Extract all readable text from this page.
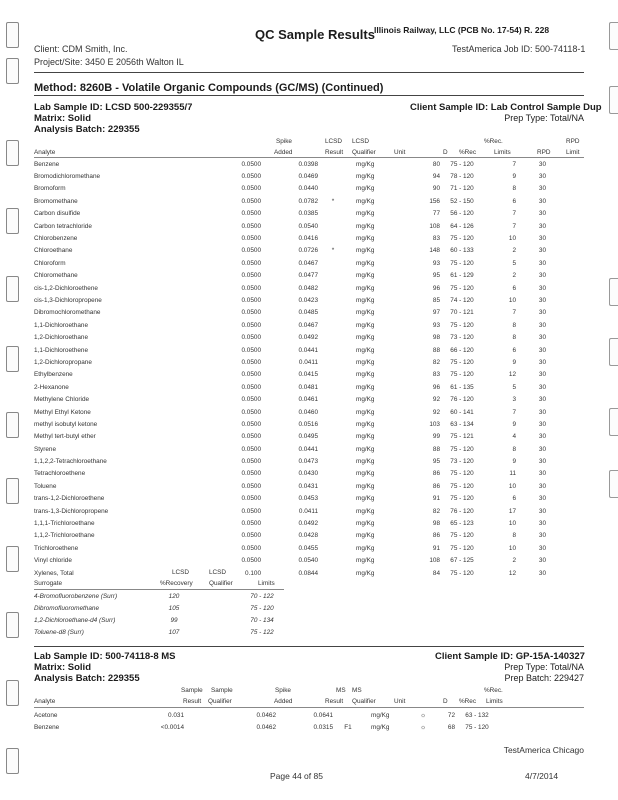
QC Sample Results Illinois Railway, LLC (PCB No. 17-54) R. 228
Client: CDM Smith, Inc.
Project/Site: 3450 E 2056th Walton IL
TestAmerica Job ID: 500-74118-1
Method: 8260B - Volatile Organic Compounds (GC/MS) (Continued)
Lab Sample ID: LCSD 500-229355/7
Matrix: Solid
Analysis Batch: 229355
Client Sample ID: Lab Control Sample Dup
Prep Type: Total/NA
Spike	LCSD LCSD	%Rec.	RPD
Analyte	Added	Result Qualifier	Unit	D %Rec	Limits	RPD Limit
Benzene	0.0500	0.0398		mg/Kg		80	75 - 120	7	30
Bromodichloromethane	0.0500	0.0469		mg/Kg		94	78 - 120	9	30
Bromoform	0.0500	0.0440		mg/Kg		90	71 - 120	8	30
Bromomethane	0.0500	0.0782	*	mg/Kg		156	52 - 150	6	30
Carbon disulfide	0.0500	0.0385		mg/Kg		77	56 - 120	7	30
Carbon tetrachloride	0.0500	0.0540		mg/Kg		108	64 - 126	7	30
Chlorobenzene	0.0500	0.0416		mg/Kg		83	75 - 120	10	30
Chloroethane	0.0500	0.0726	*	mg/Kg		148	60 - 133	2	30
Chloroform	0.0500	0.0467		mg/Kg		93	75 - 120	5	30
Chloromethane	0.0500	0.0477		mg/Kg		95	61 - 129	2	30
cis-1,2-Dichloroethene	0.0500	0.0482		mg/Kg		96	75 - 120	6	30
cis-1,3-Dichloropropene	0.0500	0.0423		mg/Kg		85	74 - 120	10	30
Dibromochloromethane	0.0500	0.0485		mg/Kg		97	70 - 121	7	30
1,1-Dichloroethane	0.0500	0.0467		mg/Kg		93	75 - 120	8	30
1,2-Dichloroethane	0.0500	0.0492		mg/Kg		98	73 - 120	8	30
1,1-Dichloroethene	0.0500	0.0441		mg/Kg		88	66 - 120	6	30
1,2-Dichloropropane	0.0500	0.0411		mg/Kg		82	75 - 120	9	30
Ethylbenzene	0.0500	0.0415		mg/Kg		83	75 - 120	12	30
2-Hexanone	0.0500	0.0481		mg/Kg		96	61 - 135	5	30
Methylene Chloride	0.0500	0.0461		mg/Kg		92	76 - 120	3	30
Methyl Ethyl Ketone	0.0500	0.0460		mg/Kg		92	60 - 141	7	30
methyl isobutyl ketone	0.0500	0.0516		mg/Kg		103	63 - 134	9	30
Methyl tert-butyl ether	0.0500	0.0495		mg/Kg		99	75 - 121	4	30
Styrene	0.0500	0.0441		mg/Kg		88	75 - 120	8	30
1,1,2,2-Tetrachloroethane	0.0500	0.0473		mg/Kg		95	73 - 120	9	30
Tetrachloroethene	0.0500	0.0430		mg/Kg		86	75 - 120	11	30
Toluene	0.0500	0.0431		mg/Kg		86	75 - 120	10	30
trans-1,2-Dichloroethene	0.0500	0.0453		mg/Kg		91	75 - 120	6	30
trans-1,3-Dichloropropene	0.0500	0.0411		mg/Kg		82	76 - 120	17	30
1,1,1-Trichloroethane	0.0500	0.0492		mg/Kg		98	65 - 123	10	30
1,1,2-Trichloroethane	0.0500	0.0428		mg/Kg		86	75 - 120	8	30
Trichloroethene	0.0500	0.0455		mg/Kg		91	75 - 120	10	30
Vinyl chloride	0.0500	0.0540		mg/Kg		108	67 - 125	2	30
Xylenes, Total	0.100	0.0844		mg/Kg		84	75 - 120	12	30
LCSD	LCSD
Surrogate	%Recovery	Qualifier	Limits
4-Bromofluorobenzene (Surr)	120		70 - 122
Dibromofluoromethane	105		75 - 120
1,2-Dichloroethane-d4 (Surr)	99		70 - 134
Toluene-d8 (Surr)	107		75 - 122
Lab Sample ID: 500-74118-8 MS
Matrix: Solid
Analysis Batch: 229355
Client Sample ID: GP-15A-140327
Prep Type: Total/NA
Prep Batch: 229427
Sample Sample	Spike	MS MS	%Rec.
Analyte	Result Qualifier	Added	Result Qualifier	Unit	D %Rec Limits
Acetone	0.031		0.0462	0.0641		mg/Kg	☼	72	63 - 132
Benzene	<0.0014		0.0462	0.0315	F1	mg/Kg	☼	68	75 - 120
TestAmerica Chicago
Page 44 of 85	4/7/2014
